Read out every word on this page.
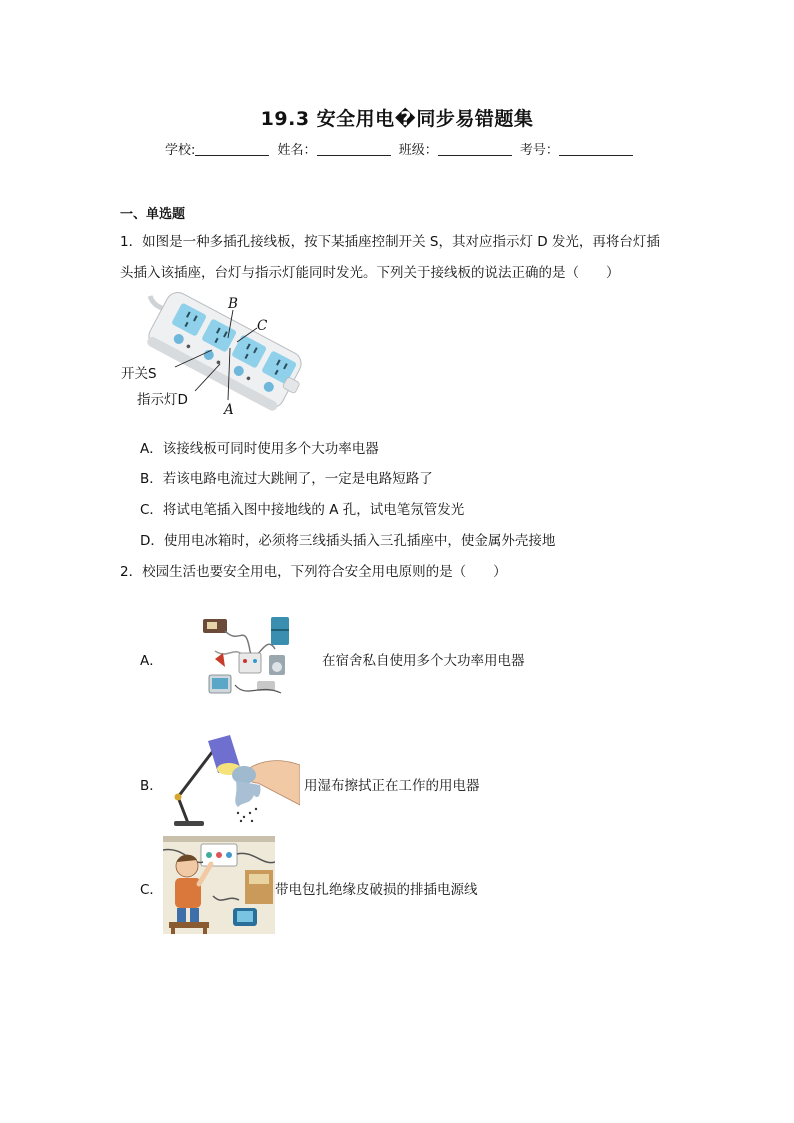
19.3 安全用电�同步易错题集
学校:	姓名：	班级：	考号：
一、单选题
1．如图是一种多插孔接线板，按下某插座控制开关 S，其对应指示灯 D 发光，再将台灯插
头插入该插座，台灯与指示灯能同时发光。下列关于接线板的说法正确的是（　　）
B
C
A
开关S
指示灯D
A．该接线板可同时使用多个大功率电器
B．若该电路电流过大跳闸了，一定是电路短路了
C．将试电笔插入图中接地线的 A 孔，试电笔氖管发光
D．使用电冰箱时，必须将三线插头插入三孔插座中，使金属外壳接地
2．校园生活也要安全用电，下列符合安全用电原则的是（　　）
A．	在宿舍私自使用多个大功率用电器
B．	用湿布擦拭正在工作的用电器
C．	带电包扎绝缘皮破损的排插电源线
